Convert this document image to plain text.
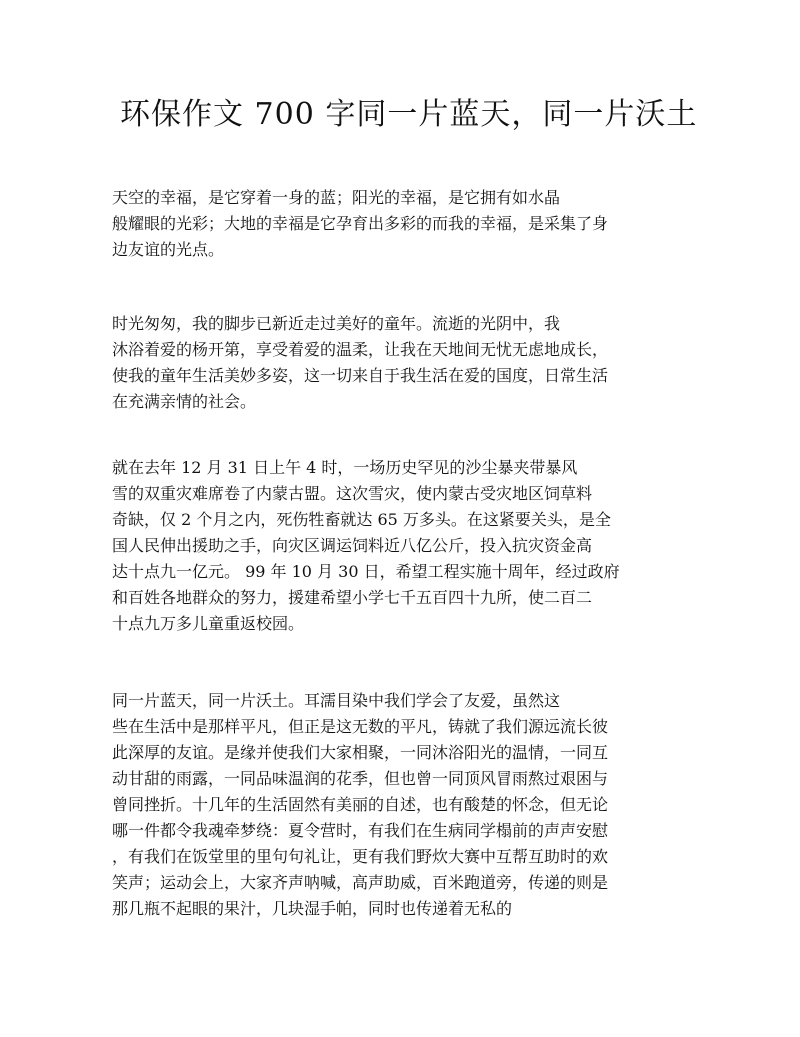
环保作文 700 字同一片蓝天，同一片沃土
天空的幸福，是它穿着一身的蓝；阳光的幸福，是它拥有如水晶
般耀眼的光彩；大地的幸福是它孕育出多彩的而我的幸福，是采集了身
边友谊的光点。
时光匆匆，我的脚步已新近走过美好的童年。流逝的光阴中，我
沐浴着爱的杨开第，享受着爱的温柔，让我在天地间无忧无虑地成长，
使我的童年生活美妙多姿，这一切来自于我生活在爱的国度，日常生活
在充满亲情的社会。
就在去年 12 月 31 日上午 4 时，一场历史罕见的沙尘暴夹带暴风
雪的双重灾难席卷了内蒙古盟。这次雪灾，使内蒙古受灾地区饲草料
奇缺，仅 2 个月之内，死伤牲畜就达 65 万多头。在这紧要关头，是全
国人民伸出援助之手，向灾区调运饲料近八亿公斤，投入抗灾资金高
达十点九一亿元。 99 年 10 月 30 日，希望工程实施十周年，经过政府
和百姓各地群众的努力，援建希望小学七千五百四十九所，使二百二
十点九万多儿童重返校园。
同一片蓝天，同一片沃土。耳濡目染中我们学会了友爱，虽然这
些在生活中是那样平凡，但正是这无数的平凡，铸就了我们源远流长彼
此深厚的友谊。是缘并使我们大家相聚，一同沐浴阳光的温情，一同互
动甘甜的雨露，一同品味温润的花季，但也曾一同顶风冒雨熬过艰困与
曾同挫折。十几年的生活固然有美丽的自述，也有酸楚的怀念，但无论
哪一件都令我魂牵梦绕：夏令营时，有我们在生病同学榻前的声声安慰
，有我们在饭堂里的里句句礼让，更有我们野炊大赛中互帮互助时的欢
笑声；运动会上，大家齐声呐喊，高声助威，百米跑道旁，传递的则是
那几瓶不起眼的果汁，几块湿手帕，同时也传递着无私的
